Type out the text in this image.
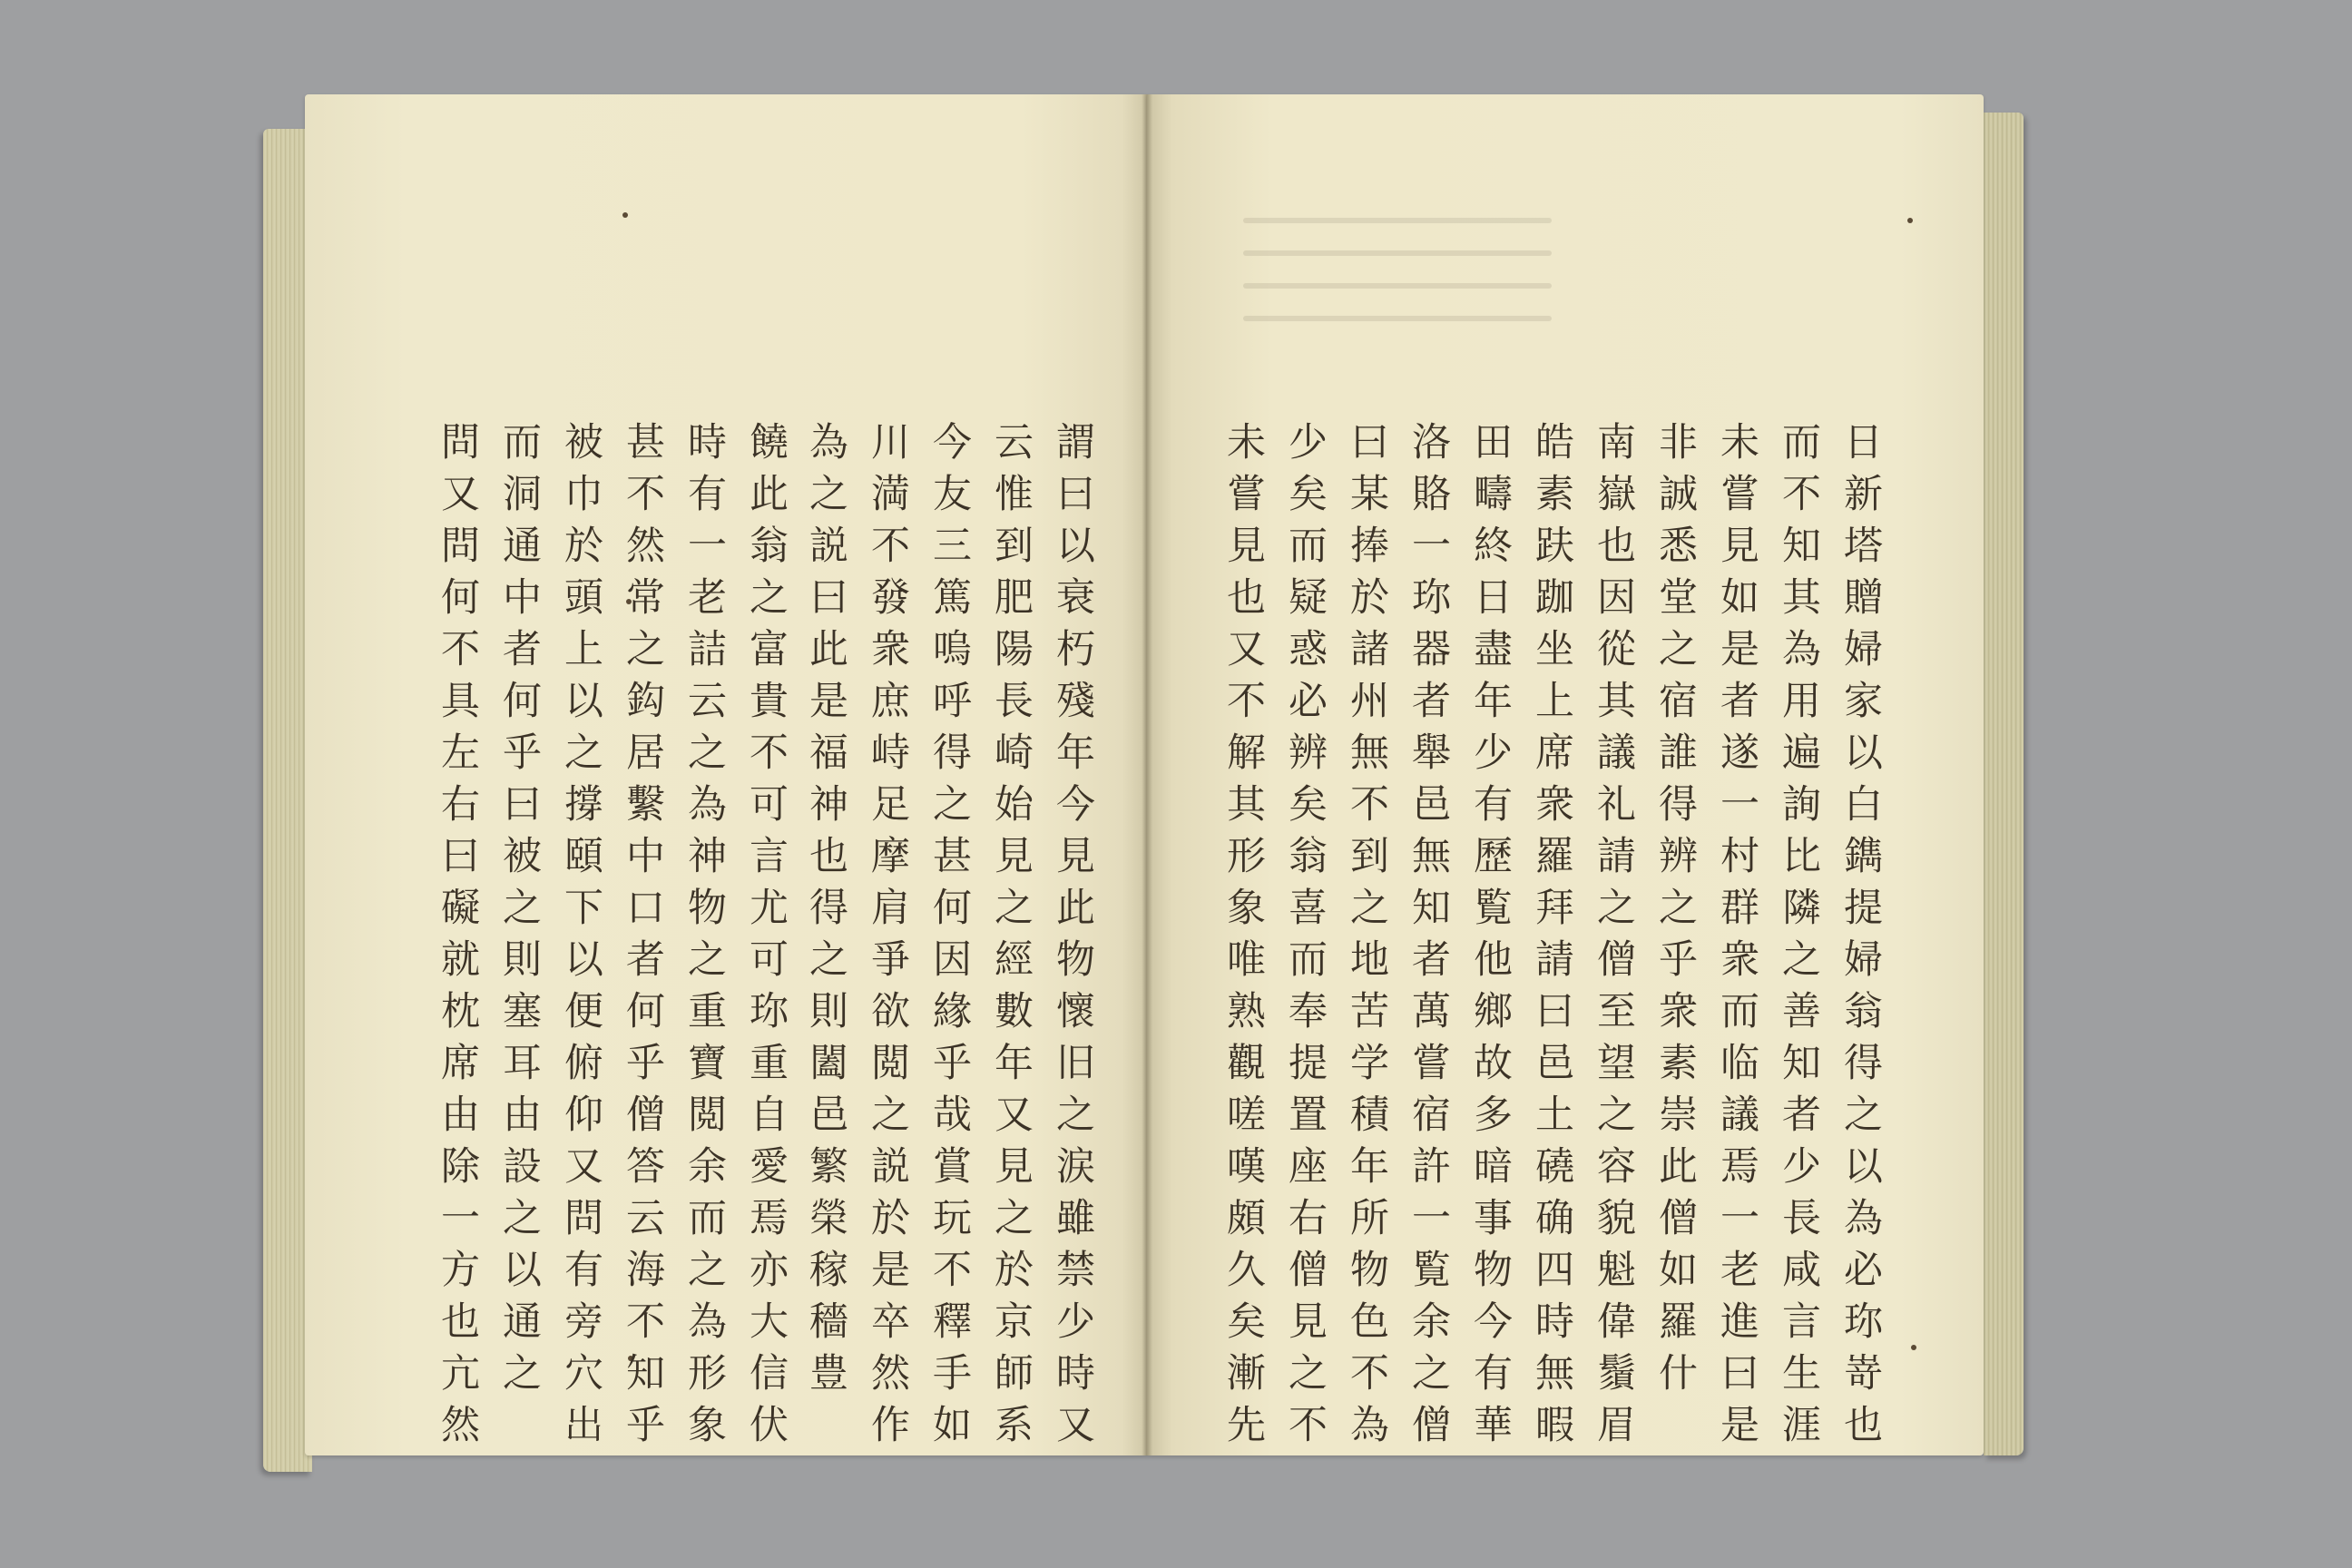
謂曰以衰朽殘年今見此物懷旧之涙雖禁少時又

云惟到肥陽長崎始見之經數年又見之於京師系

今友三篤嗚呼得之甚何因緣乎哉賞玩不釋手如

川満不發衆庶峙足摩肩爭欲閲之説於是卒然作

為之説曰此是福神也得之則闔邑繁榮稼穡豊

饒此翁之富貴不可言尤可珎重自愛焉亦大信伏

時有一老詰云之為神物之重寶閲余而之為形象

甚不然常之鈎居繫中口者何乎僧答云海不知乎

被巾於頭上以之撐頤下以便俯仰又問有旁穴出

而洞通中者何乎曰被之則塞耳由設之以通之

問又問何不具左右曰礙就枕席由除一方也亢然	日新塔贈婦家以白鐫提婦翁得之以為必珎嵜也

而不知其為用遍詢比隣之善知者少長咸言生涯

未嘗見如是者遂一村群衆而临議焉一老進曰是

非誠悉堂之宿誰得辨之乎衆素崇此僧如羅什

南嶽也因從其議礼請之僧至望之容貌魁偉鬚眉

皓素趺跏坐上席衆羅拜請曰邑土磽确四時無暇

田疇終日盡年少有歷覧他鄉故多暗事物今有華

洛賂一珎器者舉邑無知者萬嘗宿許一覧余之僧

曰某捧於諸州無不到之地苦学積年所物色不為

少矣而疑惑必辨矣翁喜而奉提置座右僧見之不

未嘗見也又不解其形象唯熟觀嗟嘆頗久矣漸先
